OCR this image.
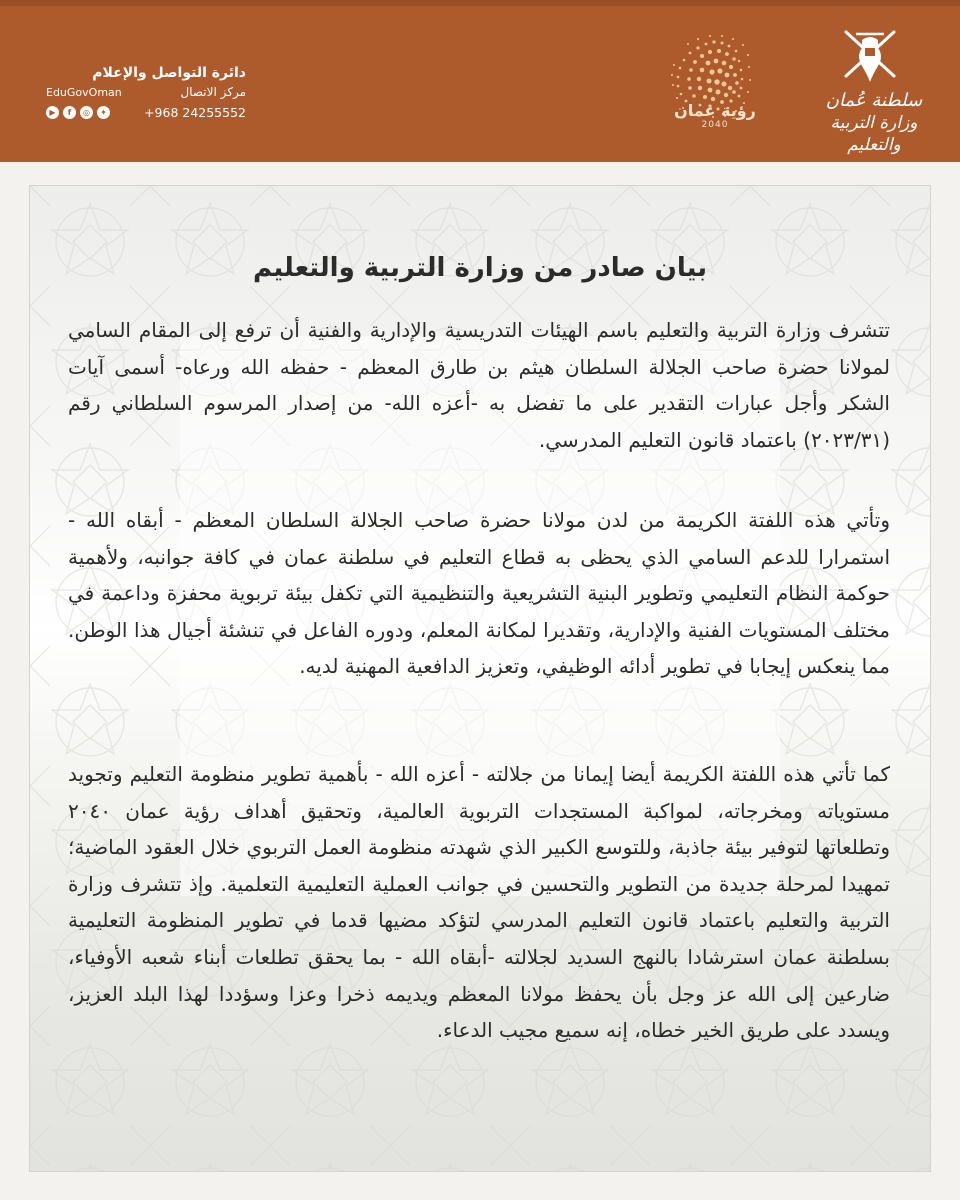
دائرة التواصل والإعلام
مركز الاتصال
EduGovOman
+968 24255552
▶	f	◎	✦	رؤية عمان
2040
سلطنة عُمان
وزارة التربية والتعليم
بيان صادر من وزارة التربية والتعليم
تتشرف وزارة التربية والتعليم باسم الهيئات التدريسية والإدارية والفنية أن ترفع إلى المقام السامي لمولانا حضرة صاحب الجلالة السلطان هيثم بن طارق المعظم - حفظه الله ورعاه- أسمى آيات الشكر وأجل عبارات التقدير على ما تفضل به -أعزه الله- من إصدار المرسوم السلطاني رقم (٢٠٢٣/٣١) باعتماد قانون التعليم المدرسي.
وتأتي هذه اللفتة الكريمة من لدن مولانا حضرة صاحب الجلالة السلطان المعظم - أبقاه الله - استمرارا للدعم السامي الذي يحظى به قطاع التعليم في سلطنة عمان في كافة جوانبه، ولأهمية حوكمة النظام التعليمي وتطوير البنية التشريعية والتنظيمية التي تكفل بيئة تربوية محفزة وداعمة في مختلف المستويات الفنية والإدارية، وتقديرا لمكانة المعلم، ودوره الفاعل في تنشئة أجيال هذا الوطن. مما ينعكس إيجابا في تطوير أدائه الوظيفي، وتعزيز الدافعية المهنية لديه.
كما تأتي هذه اللفتة الكريمة أيضا إيمانا من جلالته - أعزه الله - بأهمية تطوير منظومة التعليم وتجويد مستوياته ومخرجاته، لمواكبة المستجدات التربوية العالمية، وتحقيق أهداف رؤية عمان ٢٠٤٠ وتطلعاتها لتوفير بيئة جاذبة، وللتوسع الكبير الذي شهدته منظومة العمل التربوي خلال العقود الماضية؛ تمهيدا لمرحلة جديدة من التطوير والتحسين في جوانب العملية التعليمية التعلمية. وإذ تتشرف وزارة التربية والتعليم باعتماد قانون التعليم المدرسي لتؤكد مضيها قدما في تطوير المنظومة التعليمية بسلطنة عمان استرشادا بالنهج السديد لجلالته -أبقاه الله - بما يحقق تطلعات أبناء شعبه الأوفياء، ضارعين إلى الله عز وجل بأن يحفظ مولانا المعظم ويديمه ذخرا وعزا وسؤددا لهذا البلد العزيز، ويسدد على طريق الخير خطاه، إنه سميع مجيب الدعاء.
